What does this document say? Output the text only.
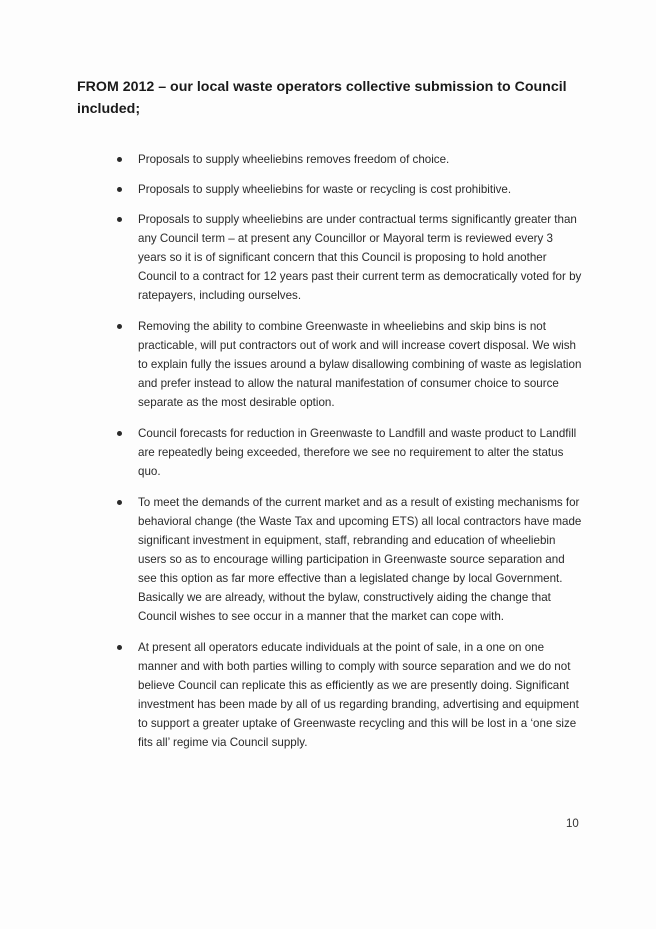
FROM 2012 – our local waste operators collective submission to Council included;
Proposals to supply wheeliebins removes freedom of choice.
Proposals to supply wheeliebins for waste or recycling is cost prohibitive.
Proposals to supply wheeliebins are under contractual terms significantly greater than any Council term – at present any Councillor or Mayoral term is reviewed every 3 years so it is of significant concern that this Council is proposing to hold another Council to a contract for 12 years past their current term as democratically voted for by ratepayers, including ourselves.
Removing the ability to combine Greenwaste in wheeliebins and skip bins is not practicable, will put contractors out of work and will increase covert disposal. We wish to explain fully the issues around a bylaw disallowing combining of waste as legislation and prefer instead to allow the natural manifestation of consumer choice to source separate as the most desirable option.
Council forecasts for reduction in Greenwaste to Landfill and waste product to Landfill are repeatedly being exceeded, therefore we see no requirement to alter the status quo.
To meet the demands of the current market and as a result of existing mechanisms for behavioral change (the Waste Tax and upcoming ETS) all local contractors have made significant investment in equipment, staff, rebranding and education of wheeliebin users so as to encourage willing participation in Greenwaste source separation and see this option as far more effective than a legislated change by local Government. Basically we are already, without the bylaw, constructively aiding the change that Council wishes to see occur in a manner that the market can cope with.
At present all operators educate individuals at the point of sale, in a one on one manner and with both parties willing to comply with source separation and we do not believe Council can replicate this as efficiently as we are presently doing. Significant investment has been made by all of us regarding branding, advertising and equipment to support a greater uptake of Greenwaste recycling and this will be lost in a ‘one size fits all’ regime via Council supply.
10
